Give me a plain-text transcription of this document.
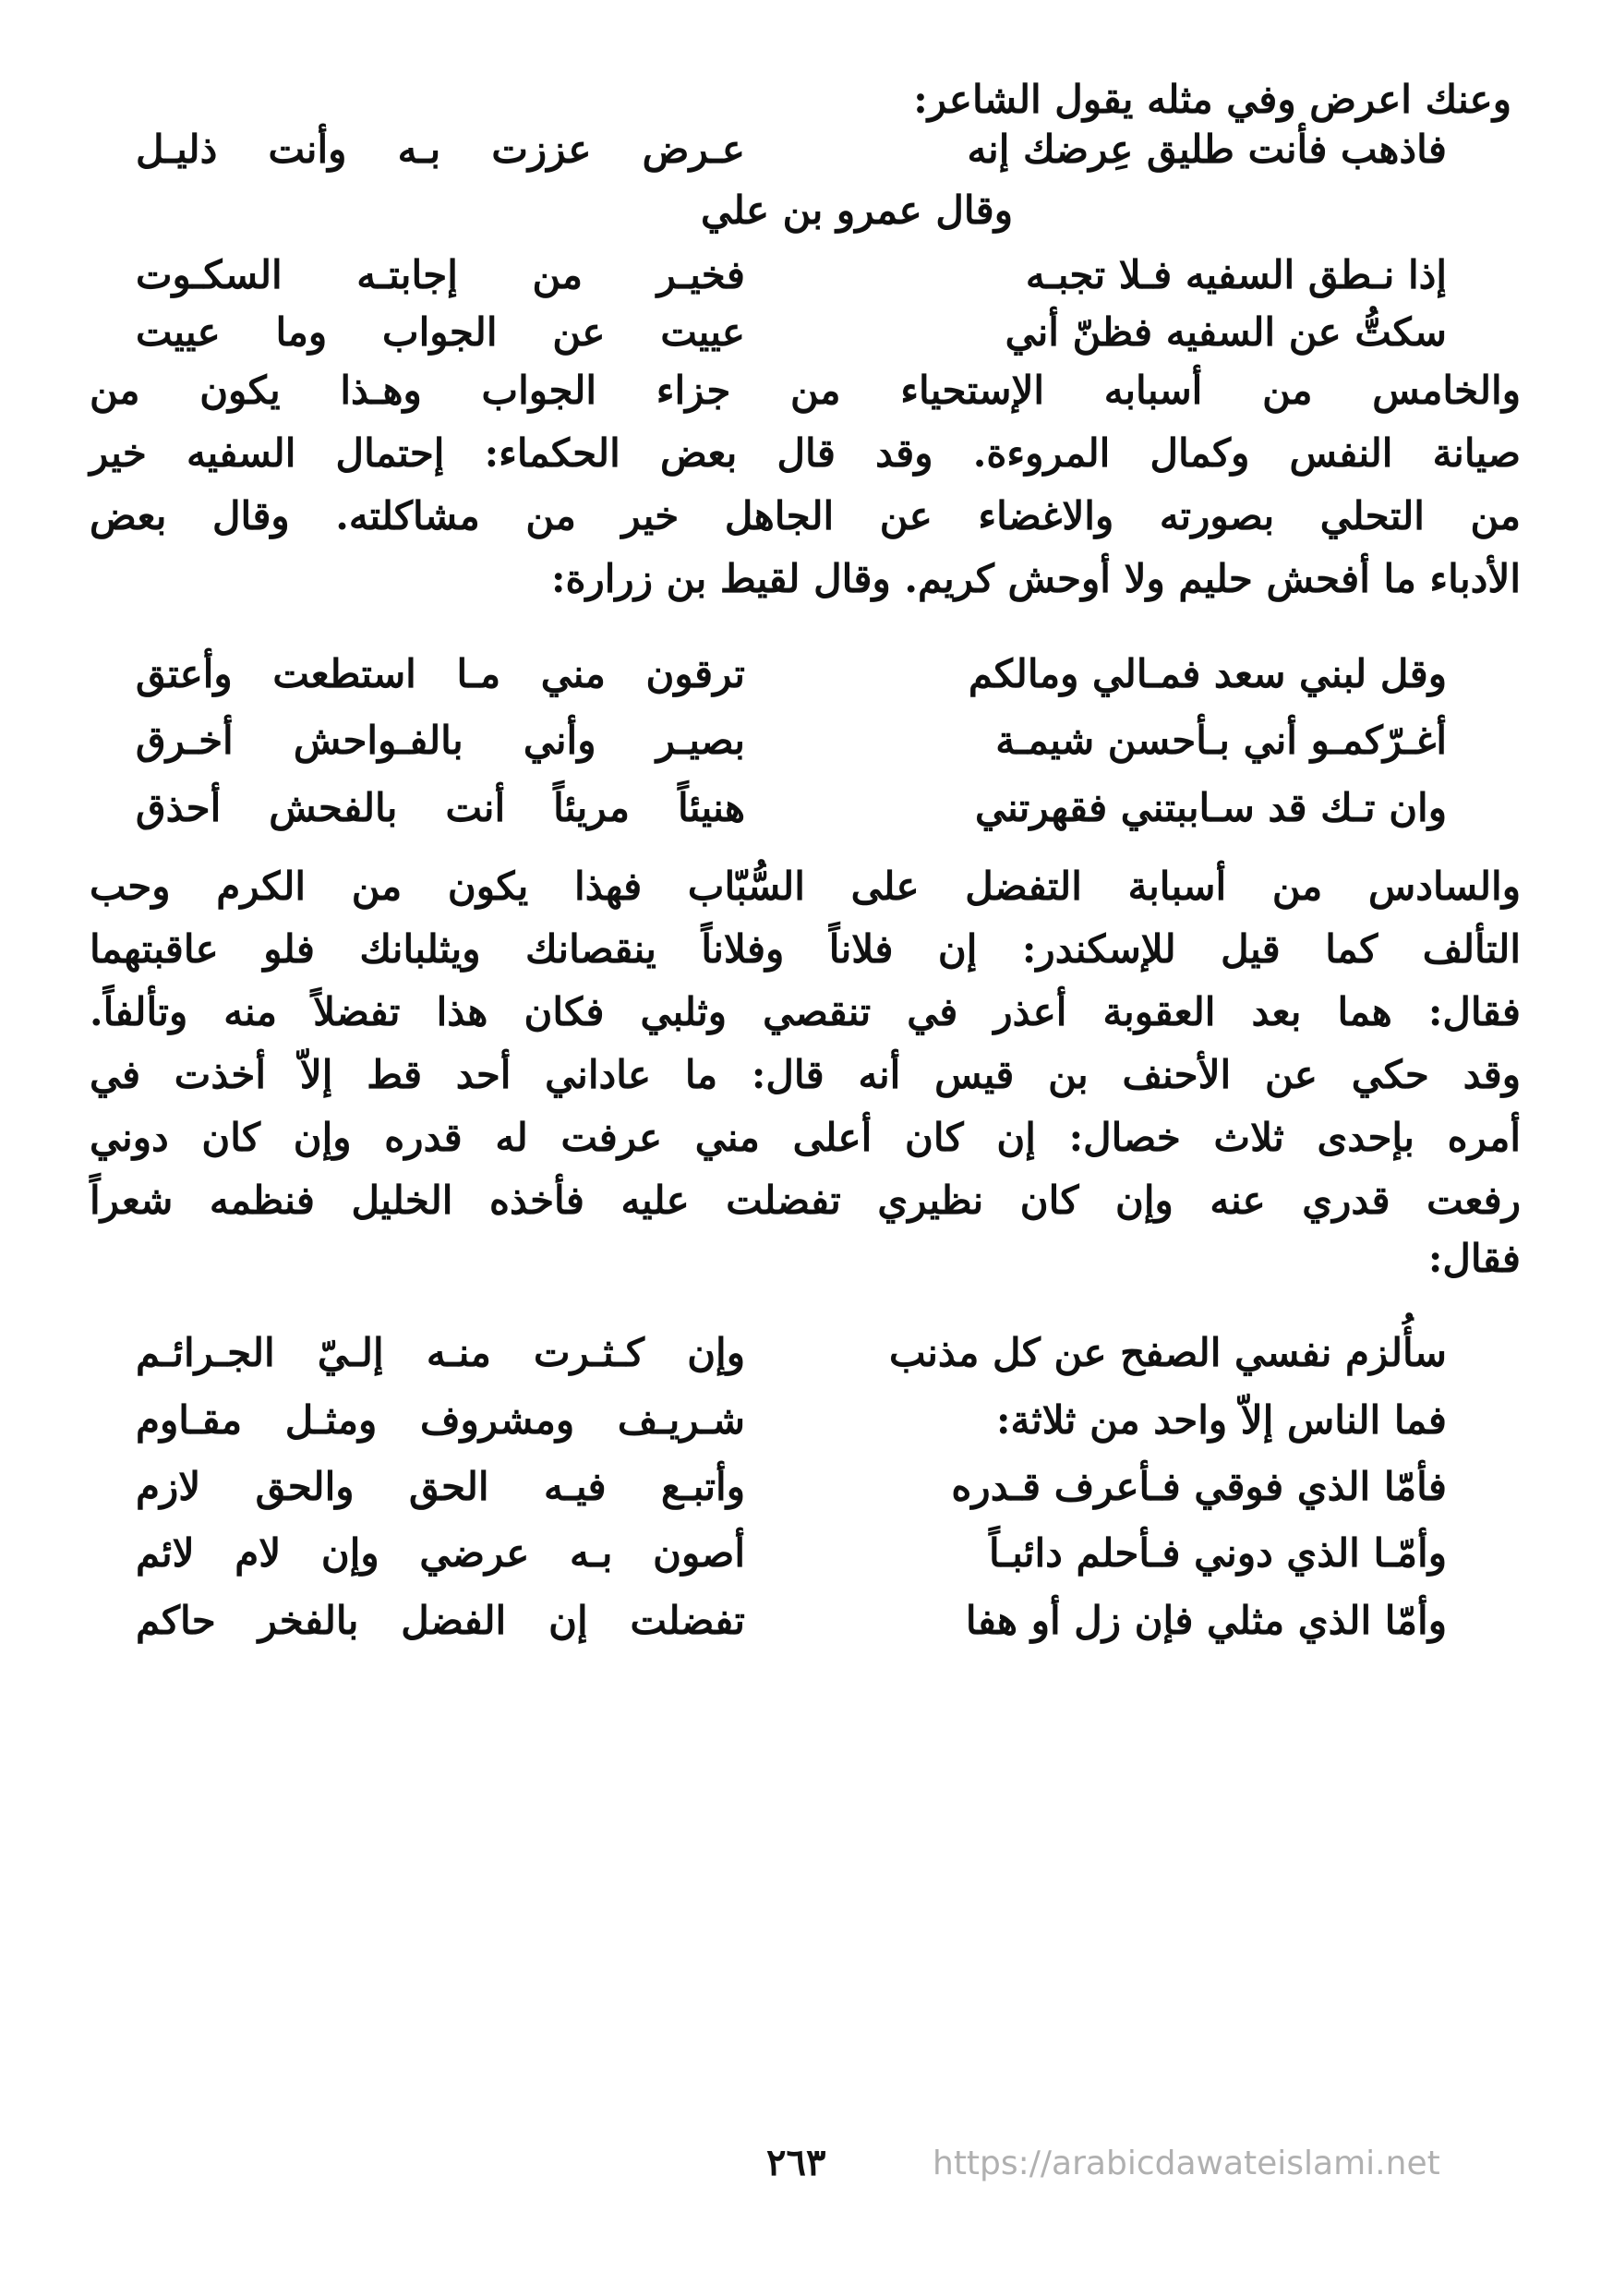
وعنك اعرض وفي مثله يقول الشاعر:
فاذهب فأنت طليق عِرضك إنه
عـرض عززت بـه وأنت ذليـل
وقال عمرو بن علي
إذا نـطق السفيه فـلا تجبـه
فخيـر من إجابتـه السكـوت
سكتُّ عن السفيه فظنّ أني
عييت عن الجواب وما عييت
والخامس من أسبابه الإستحياء من جزاء الجواب وهـذا يكون من
صيانة النفس وكمال المروءة. وقد قال بعض الحكماء: إحتمال السفيه خير
من التحلي بصورته والاغضاء عن الجاهل خير من مشاكلته. وقال بعض
الأدباء ما أفحش حليم ولا أوحش كريم. وقال لقيط بن زرارة:
وقل لبني سعد فمـالي ومالكم
ترقون مني مـا استطعت وأعتق
أغـرّكمـو أني بـأحسن شيمـة
بصيـر وأني بالفـواحش أخـرق
وان تـك قد سـاببتني فقهرتني
هنيئاً مريئاً أنت بالفحش أحذق
والسادس من أسبابة التفضل على السُّبّاب فهذا يكون من الكرم وحب
التألف كما قيل للإسكندر: إن فلاناً وفلاناً ينقصانك ويثلبانك فلو عاقبتهما
فقال: هما بعد العقوبة أعذر في تنقصي وثلبي فكان هذا تفضلاً منه وتألفاً.
وقد حكي عن الأحنف بن قيس أنه قال: ما عاداني أحد قط إلاّ أخذت في
أمره بإحدى ثلاث خصال: إن كان أعلى مني عرفت له قدره وإن كان دوني
رفعت قدري عنه وإن كان نظيري تفضلت عليه فأخذه الخليل فنظمه شعراً
فقال:
سأُلزم نفسي الصفح عن كل مذنب
وإن كـثـرت منـه إلـيّ الجـرائـم
فما الناس إلاّ واحد من ثلاثة:
شـريـف ومشروف ومثـل مقـاوم
فأمّا الذي فوقي فـأعرف قـدره
وأتبـع فيـه الحق والحق لازم
وأمّـا الذي دوني فـأحلم دائبـاً
أصون بـه عرضي وإن لام لائم
وأمّا الذي مثلي فإن زل أو هفا
تفضلت إن الفضل بالفخر حاكم
٢٦٣	https://arabicdawateislami.net
